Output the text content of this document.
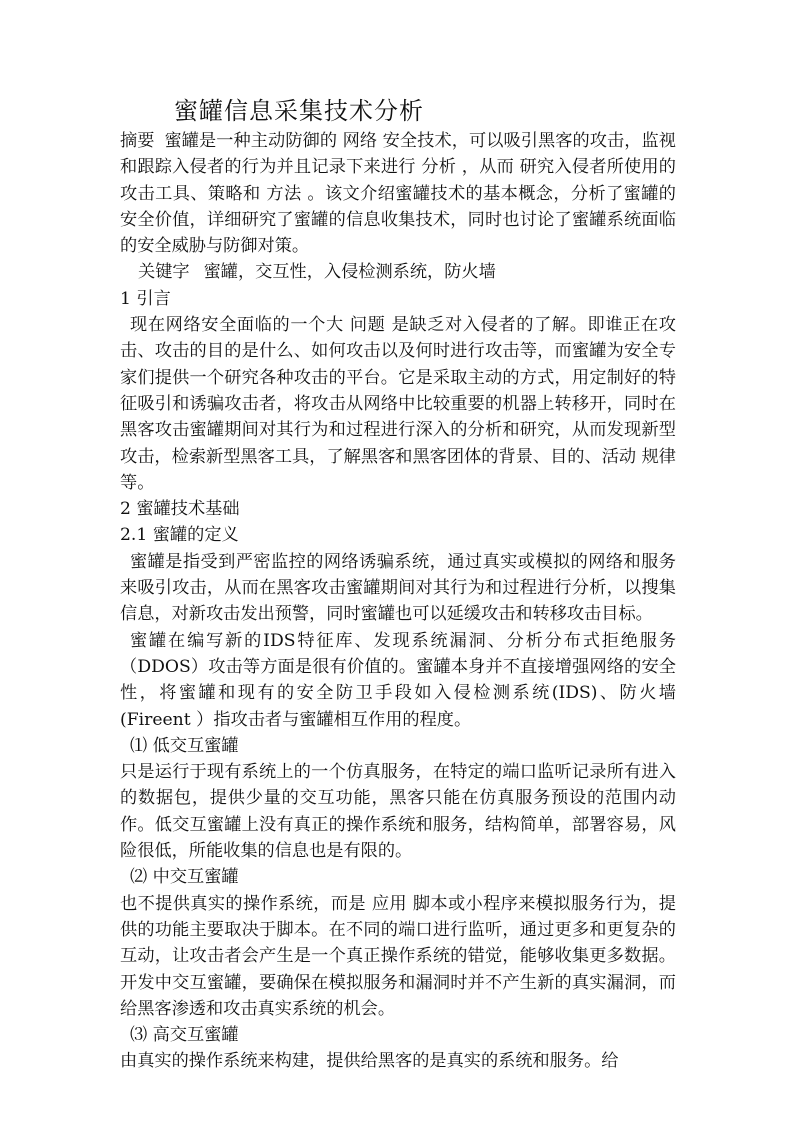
蜜罐信息采集技术分析

摘要 蜜罐是一种主动防御的 网络 安全技术，可以吸引黑客的攻击，监视和跟踪入侵者的行为并且记录下来进行 分析 ，从而 研究入侵者所使用的攻击工具、策略和 方法 。该文介绍蜜罐技术的基本概念，分析了蜜罐的安全价值，详细研究了蜜罐的信息收集技术，同时也讨论了蜜罐系统面临的安全威胁与防御对策。

关键字 蜜罐，交互性，入侵检测系统，防火墙

1 引言

现在网络安全面临的一个大 问题 是缺乏对入侵者的了解。即谁正在攻击、攻击的目的是什么、如何攻击以及何时进行攻击等，而蜜罐为安全专家们提供一个研究各种攻击的平台。它是采取主动的方式，用定制好的特征吸引和诱骗攻击者，将攻击从网络中比较重要的机器上转移开，同时在黑客攻击蜜罐期间对其行为和过程进行深入的分析和研究，从而发现新型攻击，检索新型黑客工具，了解黑客和黑客团体的背景、目的、活动 规律 等。

2 蜜罐技术基础

2.1 蜜罐的定义

蜜罐是指受到严密监控的网络诱骗系统，通过真实或模拟的网络和服务来吸引攻击，从而在黑客攻击蜜罐期间对其行为和过程进行分析，以搜集信息，对新攻击发出预警，同时蜜罐也可以延缓攻击和转移攻击目标。

蜜罐在编写新的IDS特征库、发现系统漏洞、分析分布式拒绝服务（DDOS）攻击等方面是很有价值的。蜜罐本身并不直接增强网络的安全性，将蜜罐和现有的安全防卫手段如入侵检测系统(IDS)、防火墙(Fireent ）指攻击者与蜜罐相互作用的程度。

⑴ 低交互蜜罐

只是运行于现有系统上的一个仿真服务，在特定的端口监听记录所有进入的数据包，提供少量的交互功能，黑客只能在仿真服务预设的范围内动作。低交互蜜罐上没有真正的操作系统和服务，结构简单，部署容易，风险很低，所能收集的信息也是有限的。

⑵ 中交互蜜罐

也不提供真实的操作系统，而是 应用 脚本或小程序来模拟服务行为，提供的功能主要取决于脚本。在不同的端口进行监听，通过更多和更复杂的互动，让攻击者会产生是一个真正操作系统的错觉，能够收集更多数据。开发中交互蜜罐，要确保在模拟服务和漏洞时并不产生新的真实漏洞，而给黑客渗透和攻击真实系统的机会。

⑶ 高交互蜜罐

由真实的操作系统来构建，提供给黑客的是真实的系统和服务。给
